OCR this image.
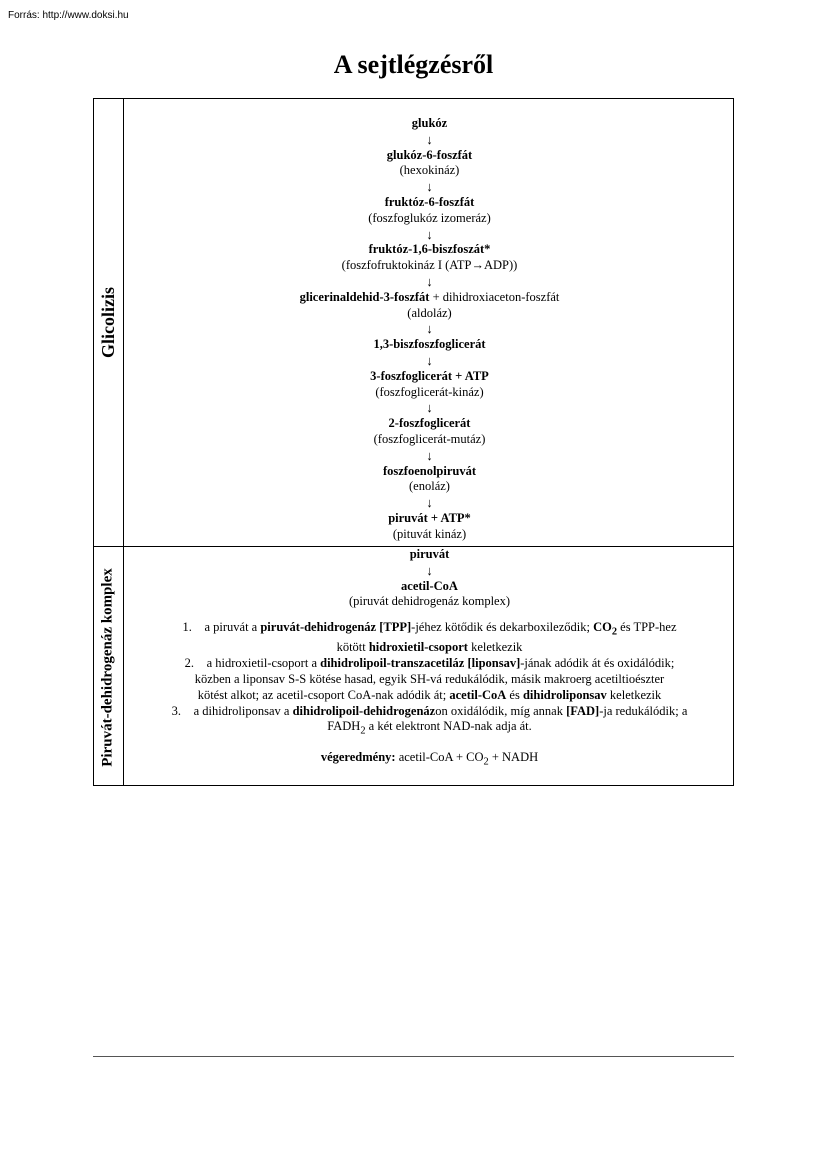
Forrás: http://www.doksi.hu
A sejtlégzésről
Glicolizis
Piruvát-dehidrogenáz komplex
glukóz
↓
glukóz-6-foszfát
(hexokináz)
↓
fruktóz-6-foszfát
(foszfoglukóz izomeráz)
↓
fruktóz-1,6-biszfoszát*
(foszfofruktokináz I (ATP→ADP))
↓
glicerinaldehid-3-foszfát + dihidroxiaceton-foszfát
(aldoláz)
↓
1,3-biszfoszfoglicerát
↓
3-foszfoglicerát + ATP
(foszfoglicerát-kináz)
↓
2-foszfoglicerát
(foszfoglicerát-mutáz)
↓
foszfoenolpiruvát
(enoláz)
↓
piruvát + ATP*
(pituvát kináz)
piruvát
↓
acetil-CoA
(piruvát dehidrogenáz komplex)
1. a piruvát a piruvát-dehidrogenáz [TPP]-jéhez kötődik és dekarboxileződik; $CO_2$ és TPP-hez
kötött hidroxietil-csoport keletkezik
2. a hidroxietil-csoport a dihidrolipoil-transzacetiláz [liponsav]-jának adódik át és oxidálódik;
közben a liponsav S-S kötése hasad, egyik SH-vá redukálódik, másik makroerg acetiltioészter
kötést alkot; az acetil-csoport CoA-nak adódik át; acetil-CoA és dihidroliponsav keletkezik
3. a dihidroliponsav a dihidrolipoil-dehidrogenázon oxidálódik, míg annak [FAD]-ja redukálódik; a
$FADH_2$ a két elektront NAD-nak adja át.
végeredmény: acetil-CoA + $CO_2$ + NADH
